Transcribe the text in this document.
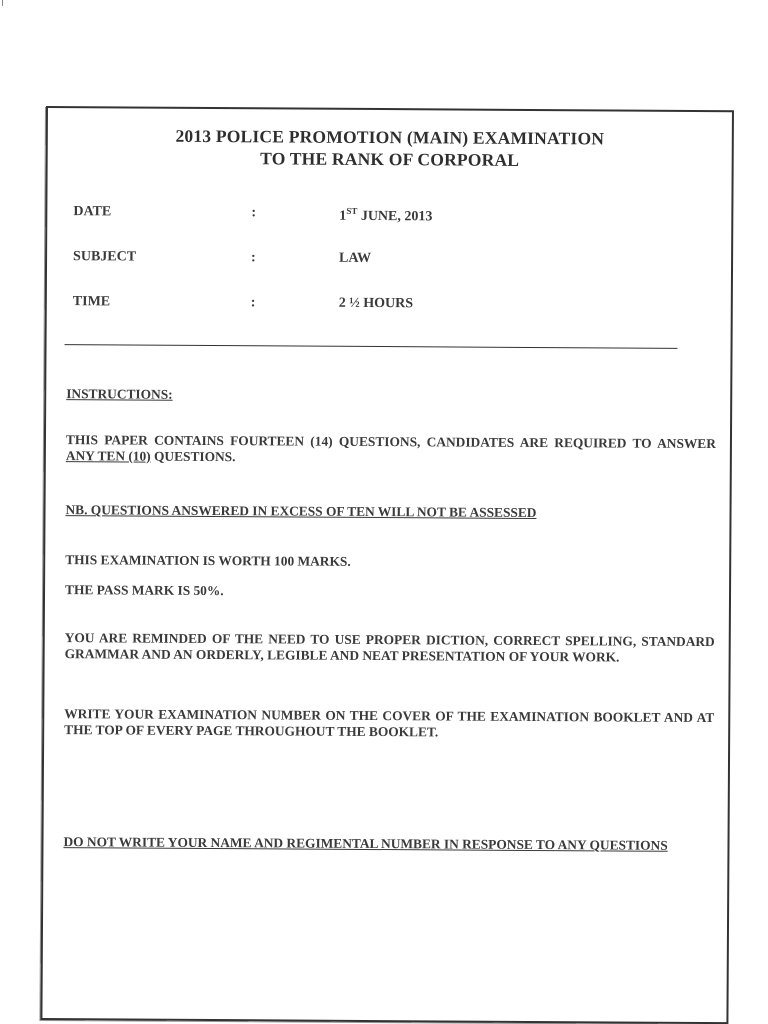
2013 POLICE PROMOTION (MAIN) EXAMINATION
TO THE RANK OF CORPORAL
DATE	:	1ST JUNE, 2013
SUBJECT	:	LAW
TIME	:	2 ½ HOURS
INSTRUCTIONS:
THIS PAPER CONTAINS FOURTEEN (14) QUESTIONS, CANDIDATES ARE REQUIRED TO ANSWER ANY TEN (10) QUESTIONS.
NB. QUESTIONS ANSWERED IN EXCESS OF TEN WILL NOT BE ASSESSED
THIS EXAMINATION IS WORTH 100 MARKS.
THE PASS MARK IS 50%.
YOU ARE REMINDED OF THE NEED TO USE PROPER DICTION, CORRECT SPELLING, STANDARD GRAMMAR AND AN ORDERLY, LEGIBLE AND NEAT PRESENTATION OF YOUR WORK.
WRITE YOUR EXAMINATION NUMBER ON THE COVER OF THE EXAMINATION BOOKLET AND AT THE TOP OF EVERY PAGE THROUGHOUT THE BOOKLET.
DO NOT WRITE YOUR NAME AND REGIMENTAL NUMBER IN RESPONSE TO ANY QUESTIONS
